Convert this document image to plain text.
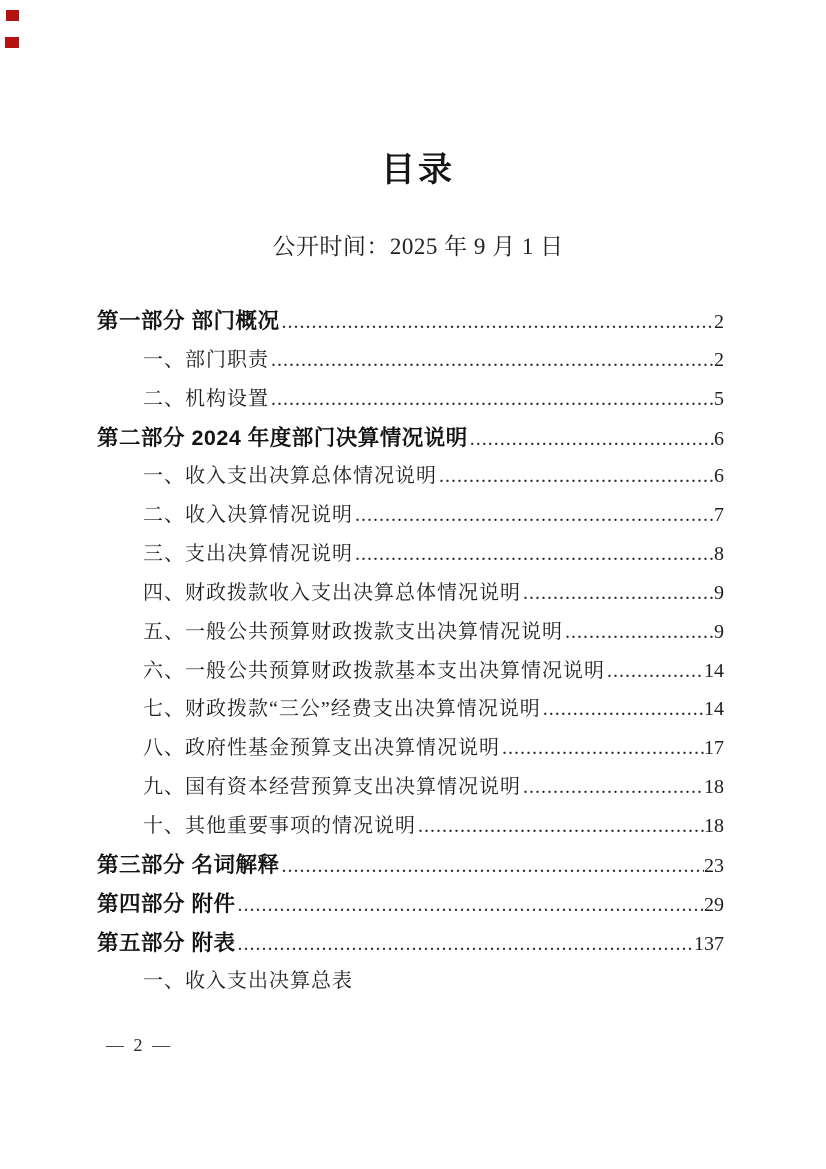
目录
公开时间：2025 年 9 月 1 日
第一部分 部门概况 .....	2
一、部门职责 .....	2
二、机构设置 .....	5
第二部分 2024 年度部门决算情况说明 .....	6
一、收入支出决算总体情况说明 .....	6
二、收入决算情况说明 .....	7
三、支出决算情况说明 .....	8
四、财政拨款收入支出决算总体情况说明 .....	9
五、一般公共预算财政拨款支出决算情况说明 .....	9
六、一般公共预算财政拨款基本支出决算情况说明 .....	14
七、财政拨款“三公”经费支出决算情况说明 .....	14
八、政府性基金预算支出决算情况说明 .....	17
九、国有资本经营预算支出决算情况说明 .....	18
十、其他重要事项的情况说明 .....	18
第三部分 名词解释 .....	23
第四部分 附件 .....	29
第五部分 附表 .....	137
一、收入支出决算总表
— 2 —
